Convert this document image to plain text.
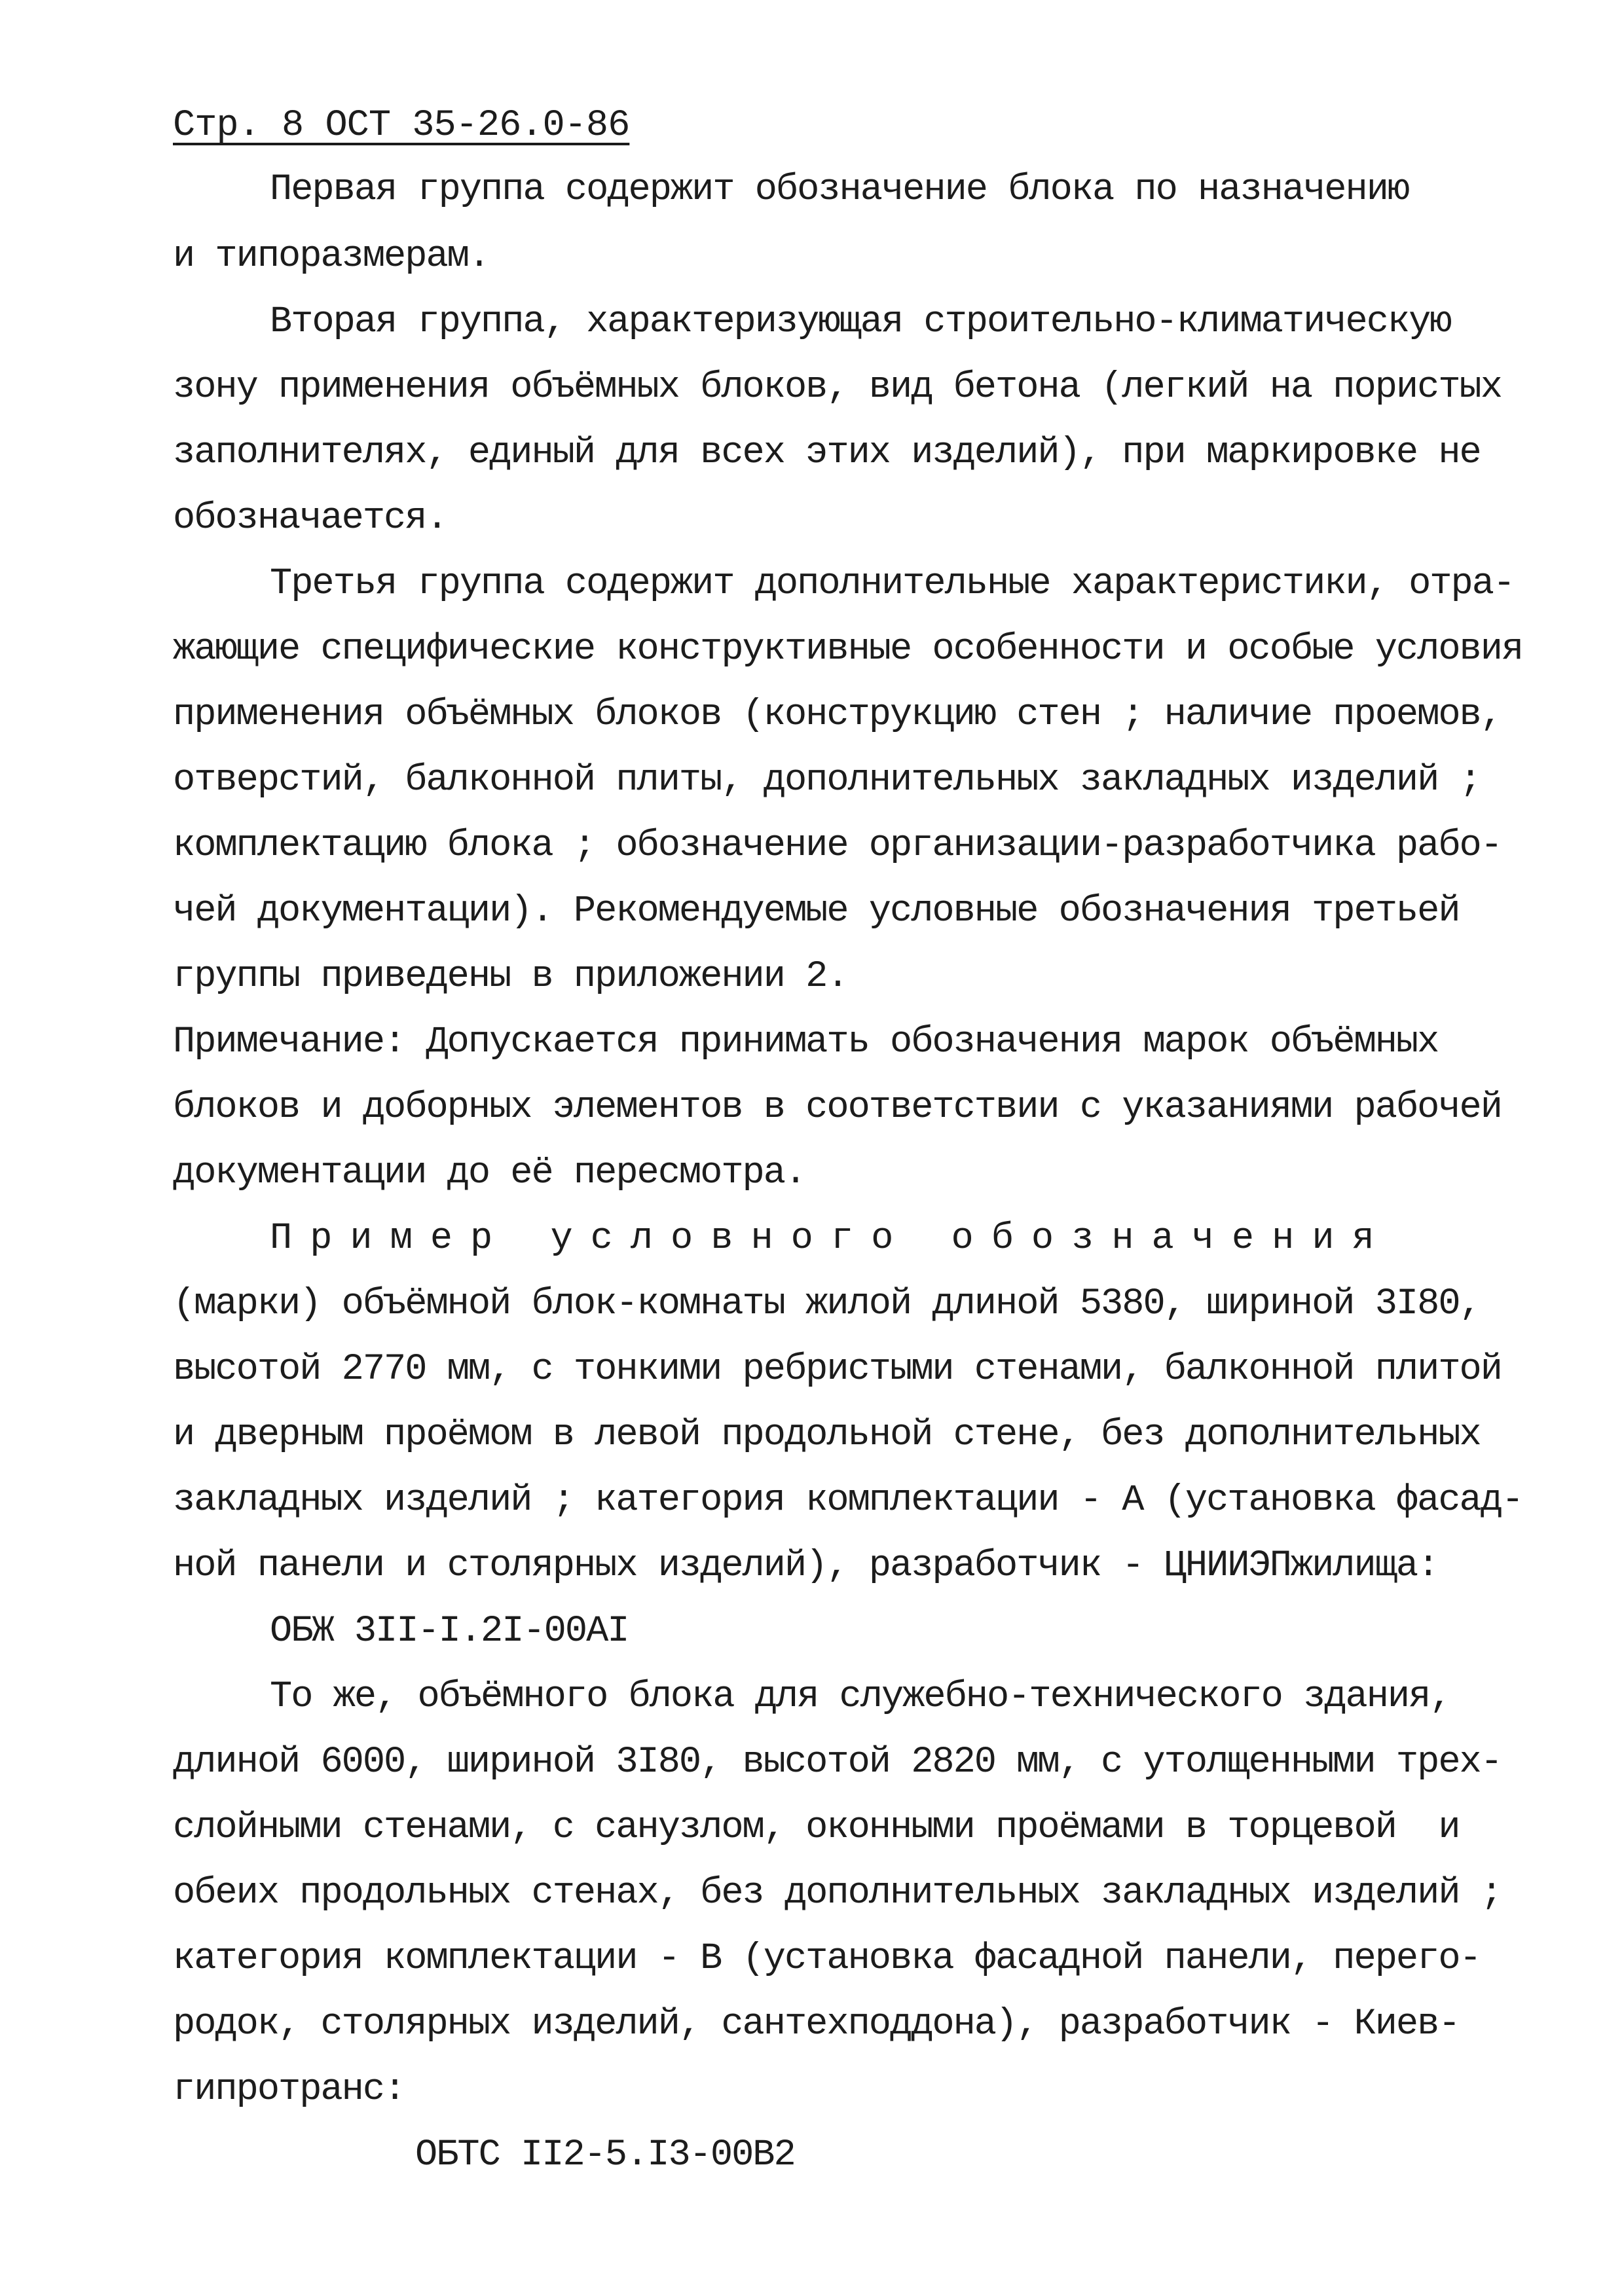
Стр. 8 ОСТ 35-26.0-86
Первая группа содержит обозначение блока по назначению
и типоразмерам.
Вторая группа, характеризующая строительно-климатическую
зону применения объёмных блоков, вид бетона (легкий на пористых
заполнителях, единый для всех этих изделий), при маркировке не
обозначается.
Третья группа содержит дополнительные характеристики, отра-
жающие специфические конструктивные особенности и особые условия
применения объёмных блоков (конструкцию стен ; наличие проемов,
отверстий, балконной плиты, дополнительных закладных изделий ;
комплектацию блока ; обозначение организации-разработчика рабо-
чей документации). Рекомендуемые условные обозначения третьей
группы приведены в приложении 2.
Примечание: Допускается принимать обозначения марок объёмных
блоков и доборных элементов в соответствии с указаниями рабочей
документации до её пересмотра.
Пример условного обозначения
(марки) объёмной блок-комнаты жилой длиной 5380, шириной 3I80,
высотой 2770 мм, с тонкими ребристыми стенами, балконной плитой
и дверным проёмом в левой продольной стене, без дополнительных
закладных изделий ; категория комплектации - А (установка фасад-
ной панели и столярных изделий), разработчик - ЦНИИЭПжилища:
ОБЖ 3II-I.2I-00AI
То же, объёмного блока для служебно-технического здания,
длиной 6000, шириной 3I80, высотой 2820 мм, с утолщенными трех-
слойными стенами, с санузлом, оконными проёмами в торцевой  и
обеих продольных стенах, без дополнительных закладных изделий ;
категория комплектации - В (установка фасадной панели, перего-
родок, столярных изделий, сантехподдона), разработчик - Киев-
гипротранс:
ОБТС II2-5.I3-00B2
